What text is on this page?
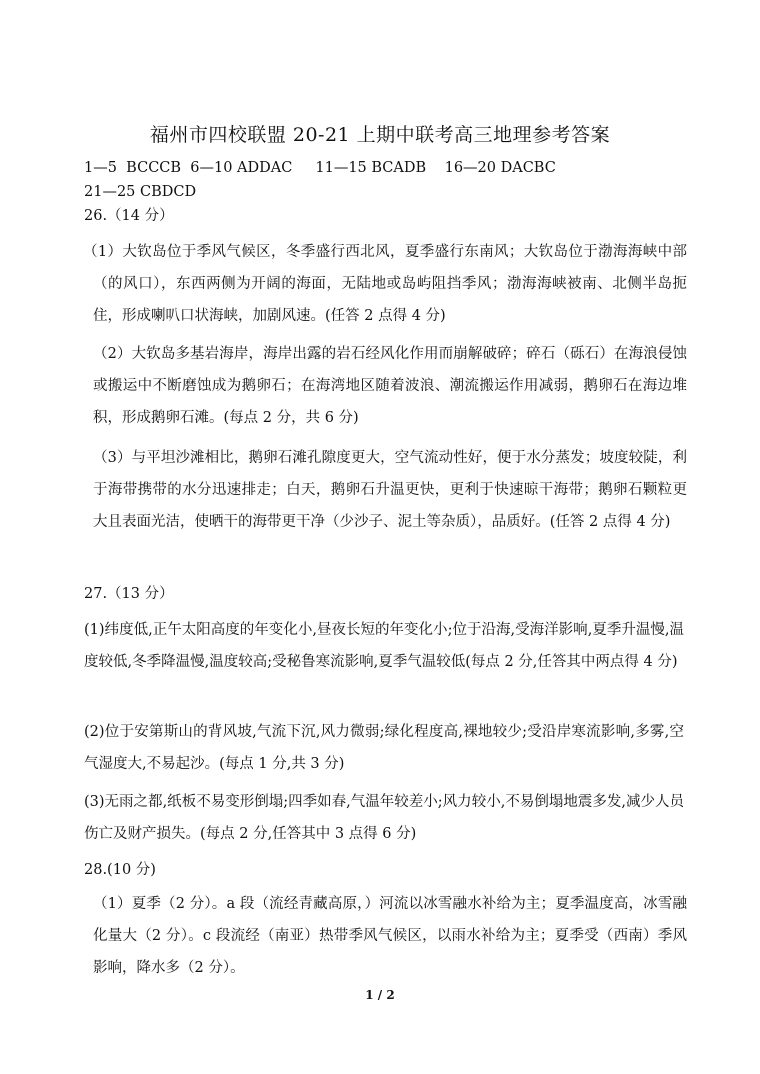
福州市四校联盟 20-21 上期中联考高三地理参考答案
1—5  BCCCB  6—10 ADDAC     11—15 BCADB    16—20 DACBC
21—25 CBDCD
26.（14 分）
（1）大钦岛位于季风气候区，冬季盛行西北风，夏季盛行东南风；大钦岛位于渤海海峡中部（的风口），东西两侧为开阔的海面，无陆地或岛屿阻挡季风；渤海海峡被南、北侧半岛扼住，形成喇叭口状海峡，加剧风速。(任答 2 点得 4 分)
（2）大钦岛多基岩海岸，海岸出露的岩石经风化作用而崩解破碎；碎石（砾石）在海浪侵蚀或搬运中不断磨蚀成为鹅卵石；在海湾地区随着波浪、潮流搬运作用减弱，鹅卵石在海边堆积，形成鹅卵石滩。(每点 2 分，共 6 分)
（3）与平坦沙滩相比，鹅卵石滩孔隙度更大，空气流动性好，便于水分蒸发；坡度较陡，利于海带携带的水分迅速排走；白天，鹅卵石升温更快，更利于快速晾干海带；鹅卵石颗粒更大且表面光洁，使晒干的海带更干净（少沙子、泥土等杂质），品质好。(任答 2 点得 4 分)
27.（13 分）
(1)纬度低,正午太阳高度的年变化小,昼夜长短的年变化小;位于沿海,受海洋影响,夏季升温慢,温度较低,冬季降温慢,温度较高;受秘鲁寒流影响,夏季气温较低(每点 2 分,任答其中两点得 4 分)
(2)位于安第斯山的背风坡,气流下沉,风力微弱;绿化程度高,裸地较少;受沿岸寒流影响,多雾,空气湿度大,不易起沙。(每点 1 分,共 3 分)
(3)无雨之都,纸板不易变形倒塌;四季如春,气温年较差小;风力较小,不易倒塌地震多发,减少人员伤亡及财产损失。(每点 2 分,任答其中 3 点得 6 分)
28.(10 分)
（1）夏季（2 分）。a 段（流经青藏高原，）河流以冰雪融水补给为主；夏季温度高，冰雪融化量大（2 分）。c 段流经（南亚）热带季风气候区，以雨水补给为主；夏季受（西南）季风影响，降水多（2 分）。
1 / 2
